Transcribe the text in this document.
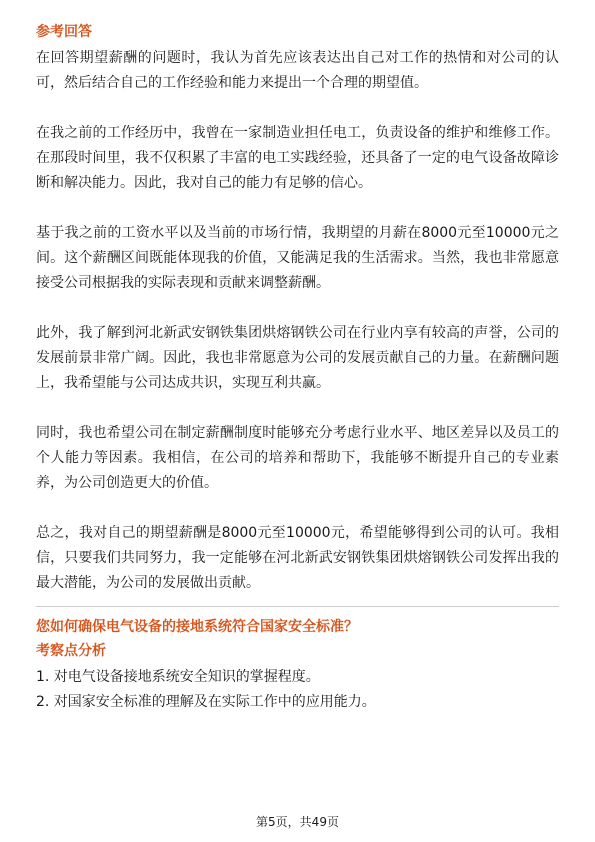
参考回答

在回答期望薪酬的问题时，我认为首先应该表达出自己对工作的热情和对公司的认可，然后结合自己的工作经验和能力来提出一个合理的期望值。

在我之前的工作经历中，我曾在一家制造业担任电工，负责设备的维护和维修工作。在那段时间里，我不仅积累了丰富的电工实践经验，还具备了一定的电气设备故障诊断和解决能力。因此，我对自己的能力有足够的信心。

基于我之前的工资水平以及当前的市场行情，我期望的月薪在8000元至10000元之间。这个薪酬区间既能体现我的价值，又能满足我的生活需求。当然，我也非常愿意接受公司根据我的实际表现和贡献来调整薪酬。

此外，我了解到河北新武安钢铁集团烘熔钢铁公司在行业内享有较高的声誉，公司的发展前景非常广阔。因此，我也非常愿意为公司的发展贡献自己的力量。在薪酬问题上，我希望能与公司达成共识，实现互利共赢。

同时，我也希望公司在制定薪酬制度时能够充分考虑行业水平、地区差异以及员工的个人能力等因素。我相信，在公司的培养和帮助下，我能够不断提升自己的专业素养，为公司创造更大的价值。

总之，我对自己的期望薪酬是8000元至10000元，希望能够得到公司的认可。我相信，只要我们共同努力，我一定能够在河北新武安钢铁集团烘熔钢铁公司发挥出我的最大潜能，为公司的发展做出贡献。

您如何确保电气设备的接地系统符合国家安全标准？

考察点分析

1. 对电气设备接地系统安全知识的掌握程度。

2. 对国家安全标准的理解及在实际工作中的应用能力。

第5页，共49页
